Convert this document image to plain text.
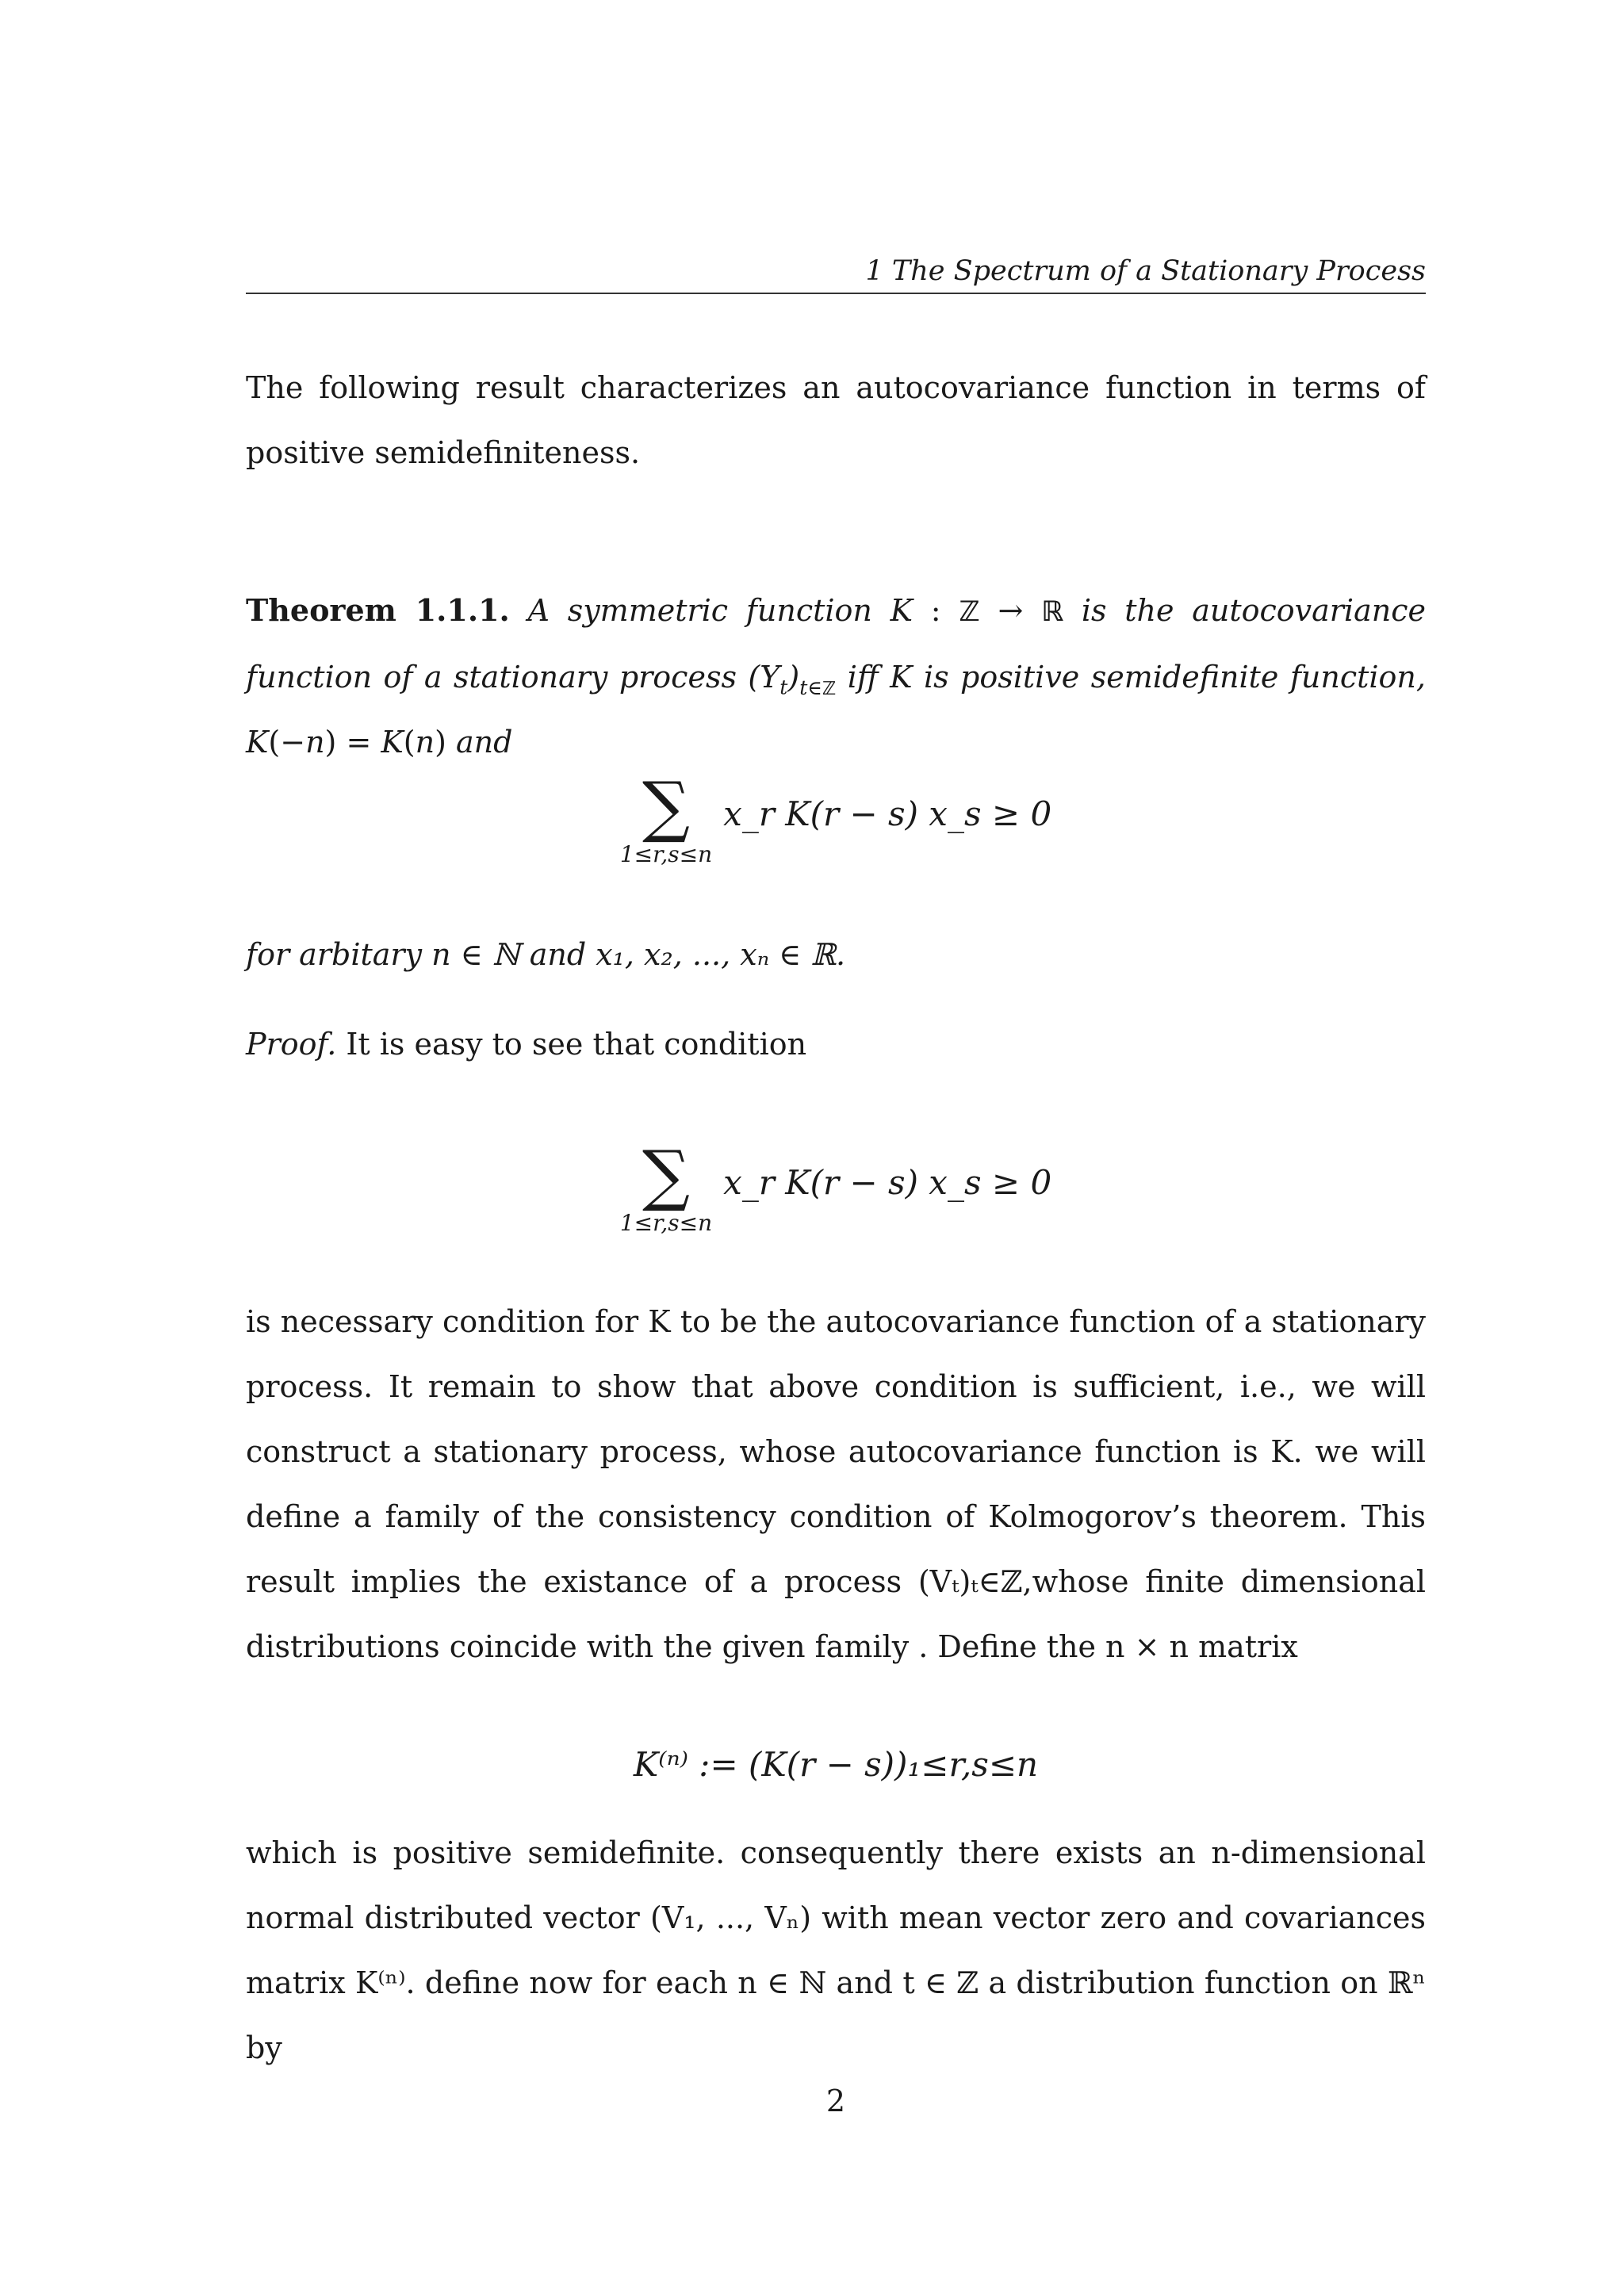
1 The Spectrum of a Stationary Process

The following result characterizes an autocovariance function in terms of positive semidefiniteness.

Theorem 1.1.1. A symmetric function K : ℤ → ℝ is the autocovariance function of a stationary process $(Y_t)_{t\in ℤ}$ iff K is positive semidefinite function, K(−n) = K(n) and

∑
1≤r,s≤n
x_r K(r − s) x_s ≥ 0

for arbitary n ∈ ℕ and x₁, x₂, ..., xₙ ∈ ℝ.

Proof. It is easy to see that condition

∑
1≤r,s≤n
x_r K(r − s) x_s ≥ 0

is necessary condition for K to be the autocovariance function of a stationary process. It remain to show that above condition is sufficient, i.e., we will construct a stationary process, whose autocovariance function is K. we will define a family of the consistency condition of Kolmogorov’s theorem. This result implies the existance of a process (Vₜ)ₜ∈ℤ,whose finite dimensional distributions coincide with the given family . Define the n × n matrix

K⁽ⁿ⁾ := (K(r − s))₁≤r,s≤n

which is positive semidefinite. consequently there exists an n-dimensional normal distributed vector (V₁, ..., Vₙ) with mean vector zero and covariances matrix K⁽ⁿ⁾. define now for each n ∈ ℕ and t ∈ ℤ a distribution function on ℝⁿ by

2
